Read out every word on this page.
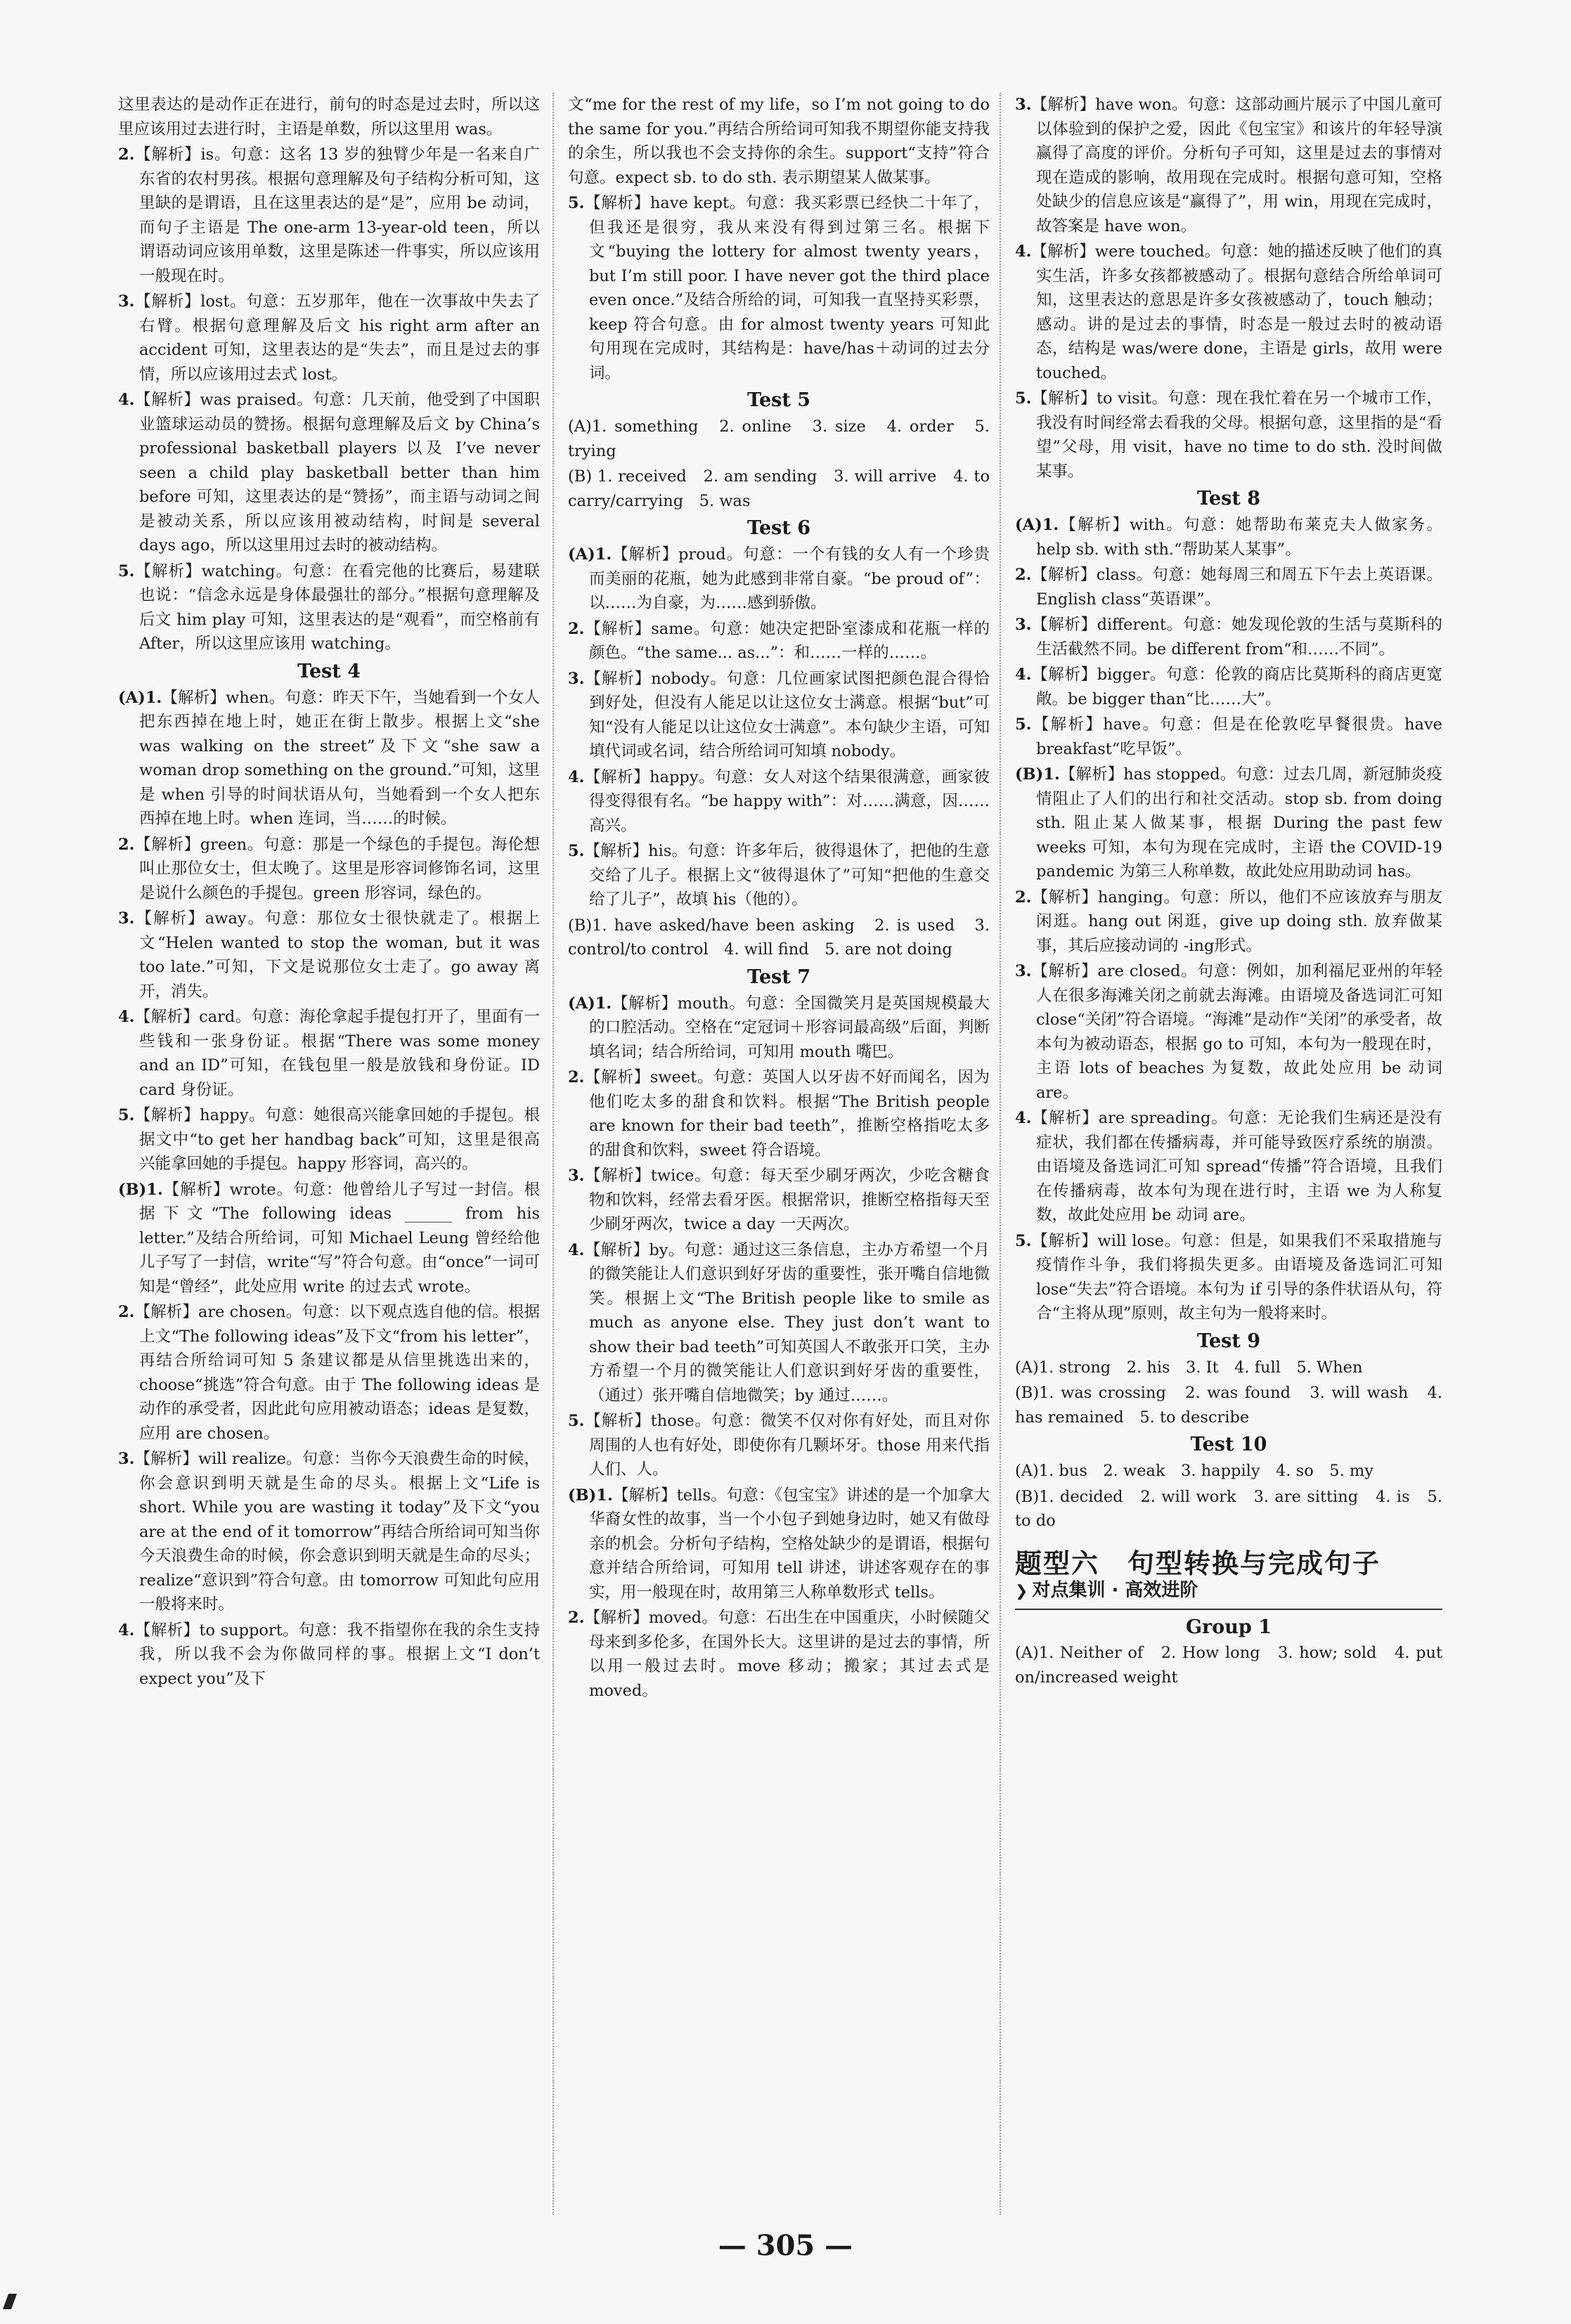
这里表达的是动作正在进行，前句的时态是过去时，所以这里应该用过去进行时，主语是单数，所以这里用 was。

2.【解析】is。句意：这名 13 岁的独臂少年是一名来自广东省的农村男孩。根据句意理解及句子结构分析可知，这里缺的是谓语，且在这里表达的是“是”，应用 be 动词，而句子主语是 The one-arm 13-year-old teen，所以谓语动词应该用单数，这里是陈述一件事实，所以应该用一般现在时。

3.【解析】lost。句意：五岁那年，他在一次事故中失去了右臂。根据句意理解及后文 his right arm after an accident 可知，这里表达的是“失去”，而且是过去的事情，所以应该用过去式 lost。

4.【解析】was praised。句意：几天前，他受到了中国职业篮球运动员的赞扬。根据句意理解及后文 by China’s professional basketball players 以及 I’ve never seen a child play basketball better than him before 可知，这里表达的是“赞扬”，而主语与动词之间是被动关系，所以应该用被动结构，时间是 several days ago，所以这里用过去时的被动结构。

5.【解析】watching。句意：在看完他的比赛后，易建联也说：“信念永远是身体最强壮的部分。”根据句意理解及后文 him play 可知，这里表达的是“观看”，而空格前有 After，所以这里应该用 watching。

Test 4

(A)1.【解析】when。句意：昨天下午，当她看到一个女人把东西掉在地上时，她正在街上散步。根据上文“she was walking on the street”及下文“she saw a woman drop something on the ground.”可知，这里是 when 引导的时间状语从句，当她看到一个女人把东西掉在地上时。when 连词，当……的时候。

2.【解析】green。句意：那是一个绿色的手提包。海伦想叫止那位女士，但太晚了。这里是形容词修饰名词，这里是说什么颜色的手提包。green 形容词，绿色的。

3.【解析】away。句意：那位女士很快就走了。根据上文“Helen wanted to stop the woman, but it was too late.”可知，下文是说那位女士走了。go away 离开，消失。

4.【解析】card。句意：海伦拿起手提包打开了，里面有一些钱和一张身份证。根据“There was some money and an ID”可知，在钱包里一般是放钱和身份证。ID card 身份证。

5.【解析】happy。句意：她很高兴能拿回她的手提包。根据文中“to get her handbag back”可知，这里是很高兴能拿回她的手提包。happy 形容词，高兴的。

(B)1.【解析】wrote。句意：他曾给儿子写过一封信。根据下文“The following ideas ______ from his letter.”及结合所给词，可知 Michael Leung 曾经给他儿子写了一封信，write“写”符合句意。由“once”一词可知是“曾经”，此处应用 write 的过去式 wrote。

2.【解析】are chosen。句意：以下观点选自他的信。根据上文“The following ideas”及下文“from his letter”，再结合所给词可知 5 条建议都是从信里挑选出来的，choose“挑选”符合句意。由于 The following ideas 是动作的承受者，因此此句应用被动语态；ideas 是复数，应用 are chosen。

3.【解析】will realize。句意：当你今天浪费生命的时候，你会意识到明天就是生命的尽头。根据上文“Life is short. While you are wasting it today”及下文“you are at the end of it tomorrow”再结合所给词可知当你今天浪费生命的时候，你会意识到明天就是生命的尽头；realize“意识到”符合句意。由 tomorrow 可知此句应用一般将来时。

4.【解析】to support。句意：我不指望你在我的余生支持我，所以我不会为你做同样的事。根据上文“I don’t expect you”及下

文“me for the rest of my life，so I’m not going to do the same for you.”再结合所给词可知我不期望你能支持我的余生，所以我也不会支持你的余生。support“支持”符合句意。expect sb. to do sth. 表示期望某人做某事。

5.【解析】have kept。句意：我买彩票已经快二十年了，但我还是很穷，我从来没有得到过第三名。根据下文“buying the lottery for almost twenty years，but I’m still poor. I have never got the third place even once.”及结合所给的词，可知我一直坚持买彩票，keep 符合句意。由 for almost twenty years 可知此句用现在完成时，其结构是：have/has＋动词的过去分词。

Test 5

(A)1. something　2. online　3. size　4. order　5. trying

(B) 1. received　2. am sending　3. will arrive　4. to carry/carrying　5. was

Test 6

(A)1.【解析】proud。句意：一个有钱的女人有一个珍贵而美丽的花瓶，她为此感到非常自豪。“be proud of”：以……为自豪，为……感到骄傲。

2.【解析】same。句意：她决定把卧室漆成和花瓶一样的颜色。“the same... as...”：和……一样的……。

3.【解析】nobody。句意：几位画家试图把颜色混合得恰到好处，但没有人能足以让这位女士满意。根据“but”可知“没有人能足以让这位女士满意”。本句缺少主语，可知填代词或名词，结合所给词可知填 nobody。

4.【解析】happy。句意：女人对这个结果很满意，画家彼得变得很有名。“be happy with”：对……满意，因……高兴。

5.【解析】his。句意：许多年后，彼得退休了，把他的生意交给了儿子。根据上文“彼得退休了”可知“把他的生意交给了儿子”，故填 his（他的）。

(B)1. have asked/have been asking　2. is used　3. control/to control　4. will find　5. are not doing

Test 7

(A)1.【解析】mouth。句意：全国微笑月是英国规模最大的口腔活动。空格在“定冠词＋形容词最高级”后面，判断填名词；结合所给词，可知用 mouth 嘴巴。

2.【解析】sweet。句意：英国人以牙齿不好而闻名，因为他们吃太多的甜食和饮料。根据“The British people are known for their bad teeth”，推断空格指吃太多的甜食和饮料，sweet 符合语境。

3.【解析】twice。句意：每天至少刷牙两次，少吃含糖食物和饮料，经常去看牙医。根据常识，推断空格指每天至少刷牙两次，twice a day 一天两次。

4.【解析】by。句意：通过这三条信息，主办方希望一个月的微笑能让人们意识到好牙齿的重要性，张开嘴自信地微笑。根据上文“The British people like to smile as much as anyone else. They just don’t want to show their bad teeth”可知英国人不敢张开口笑，主办方希望一个月的微笑能让人们意识到好牙齿的重要性，（通过）张开嘴自信地微笑；by 通过……。

5.【解析】those。句意：微笑不仅对你有好处，而且对你周围的人也有好处，即使你有几颗坏牙。those 用来代指人们、人。

(B)1.【解析】tells。句意：《包宝宝》讲述的是一个加拿大华裔女性的故事，当一个小包子到她身边时，她又有做母亲的机会。分析句子结构，空格处缺少的是谓语，根据句意并结合所给词，可知用 tell 讲述，讲述客观存在的事实，用一般现在时，故用第三人称单数形式 tells。

2.【解析】moved。句意：石出生在中国重庆，小时候随父母来到多伦多，在国外长大。这里讲的是过去的事情，所以用一般过去时。move 移动；搬家；其过去式是 moved。

3.【解析】have won。句意：这部动画片展示了中国儿童可以体验到的保护之爱，因此《包宝宝》和该片的年轻导演赢得了高度的评价。分析句子可知，这里是过去的事情对现在造成的影响，故用现在完成时。根据句意可知，空格处缺少的信息应该是“赢得了”，用 win，用现在完成时，故答案是 have won。

4.【解析】were touched。句意：她的描述反映了他们的真实生活，许多女孩都被感动了。根据句意结合所给单词可知，这里表达的意思是许多女孩被感动了，touch 触动；感动。讲的是过去的事情，时态是一般过去时的被动语态，结构是 was/were done，主语是 girls，故用 were touched。

5.【解析】to visit。句意：现在我忙着在另一个城市工作，我没有时间经常去看我的父母。根据句意，这里指的是“看望”父母，用 visit，have no time to do sth. 没时间做某事。

Test 8

(A)1.【解析】with。句意：她帮助布莱克夫人做家务。help sb. with sth.“帮助某人某事”。

2.【解析】class。句意：她每周三和周五下午去上英语课。English class“英语课”。

3.【解析】different。句意：她发现伦敦的生活与莫斯科的生活截然不同。be different from“和……不同”。

4.【解析】bigger。句意：伦敦的商店比莫斯科的商店更宽敞。be bigger than“比……大”。

5.【解析】have。句意：但是在伦敦吃早餐很贵。have breakfast“吃早饭”。

(B)1.【解析】has stopped。句意：过去几周，新冠肺炎疫情阻止了人们的出行和社交活动。stop sb. from doing sth. 阻止某人做某事，根据 During the past few weeks 可知，本句为现在完成时，主语 the COVID-19 pandemic 为第三人称单数，故此处应用助动词 has。

2.【解析】hanging。句意：所以，他们不应该放弃与朋友闲逛。hang out 闲逛，give up doing sth. 放弃做某事，其后应接动词的 -ing形式。

3.【解析】are closed。句意：例如，加利福尼亚州的年轻人在很多海滩关闭之前就去海滩。由语境及备选词汇可知 close“关闭”符合语境。“海滩”是动作“关闭”的承受者，故本句为被动语态，根据 go to 可知，本句为一般现在时，主语 lots of beaches 为复数，故此处应用 be 动词 are。

4.【解析】are spreading。句意：无论我们生病还是没有症状，我们都在传播病毒，并可能导致医疗系统的崩溃。由语境及备选词汇可知 spread“传播”符合语境，且我们在传播病毒，故本句为现在进行时，主语 we 为人称复数，故此处应用 be 动词 are。

5.【解析】will lose。句意：但是，如果我们不采取措施与疫情作斗争，我们将损失更多。由语境及备选词汇可知 lose“失去”符合语境。本句为 if 引导的条件状语从句，符合“主将从现”原则，故主句为一般将来时。

Test 9

(A)1. strong　2. his　3. It　4. full　5. When

(B)1. was crossing　2. was found　3. will wash　4. has remained　5. to describe

Test 10

(A)1. bus　2. weak　3. happily　4. so　5. my

(B)1. decided　2. will work　3. are sitting　4. is　5. to do

题型六　句型转换与完成句子
❯ 对点集训 · 高效进阶
Group 1

(A)1. Neither of　2. How long　3. how; sold　4. put on/increased weight

— 305 —
